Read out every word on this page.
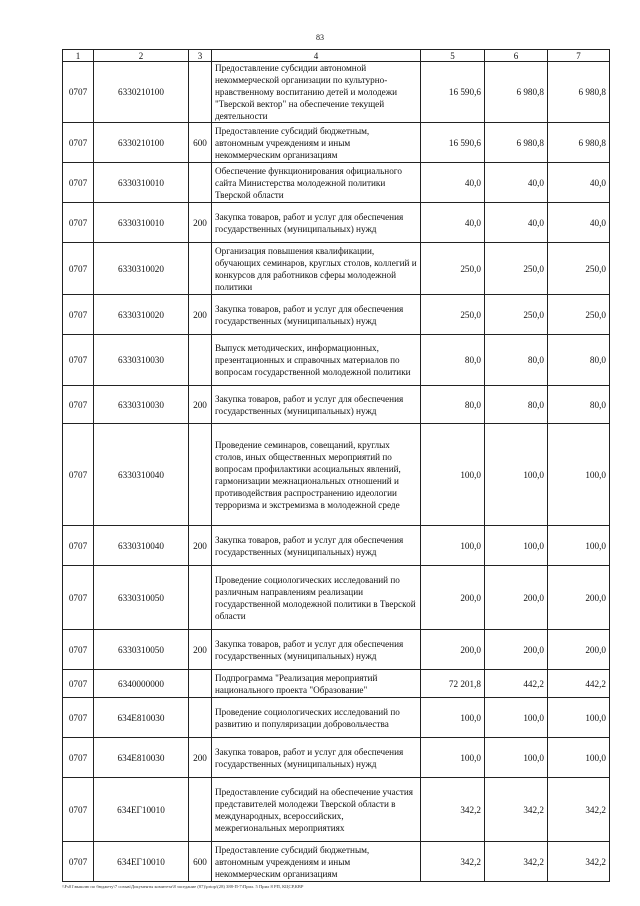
83
1	2	3	4	5	6	7
0707	6330210100		Предоставление субсидии автономной некоммерческой организации по культурно-нравственному воспитанию детей и молодежи "Тверской вектор" на обеспечение текущей деятельности	16 590,6	6 980,8	6 980,8
0707	6330210100	600	Предоставление субсидий бюджетным, автономным учреждениям и иным некоммерческим организациям	16 590,6	6 980,8	6 980,8
0707	6330310010		Обеспечение функционирования официального сайта Министерства молодежной политики Тверской области	40,0	40,0	40,0
0707	6330310010	200	Закупка товаров, работ и услуг для обеспечения государственных (муниципальных) нужд	40,0	40,0	40,0
0707	6330310020		Организация повышения квалификации, обучающих семинаров, круглых столов, коллегий и конкурсов для работников сферы молодежной политики	250,0	250,0	250,0
0707	6330310020	200	Закупка товаров, работ и услуг для обеспечения государственных (муниципальных) нужд	250,0	250,0	250,0
0707	6330310030		Выпуск методических, информационных, презентационных и справочных материалов по вопросам государственной молодежной политики	80,0	80,0	80,0
0707	6330310030	200	Закупка товаров, работ и услуг для обеспечения государственных (муниципальных) нужд	80,0	80,0	80,0
0707	6330310040		Проведение семинаров, совещаний, круглых столов, иных общественных мероприятий по вопросам профилактики асоциальных явлений, гармонизации межнациональных отношений и противодействия распространению идеологии терроризма и экстремизма в молодежной среде	100,0	100,0	100,0
0707	6330310040	200	Закупка товаров, работ и услуг для обеспечения государственных (муниципальных) нужд	100,0	100,0	100,0
0707	6330310050		Проведение социологических исследований по различным направлениям реализации государственной молодежной политики в Тверской области	200,0	200,0	200,0
0707	6330310050	200	Закупка товаров, работ и услуг для обеспечения государственных (муниципальных) нужд	200,0	200,0	200,0
0707	6340000000		Подпрограмма "Реализация мероприятий национального проекта "Образование"	72 201,8	442,2	442,2
0707	634E810030		Проведение социологических исследований по развитию и популяризации добровольчества	100,0	100,0	100,0
0707	634E810030	200	Закупка товаров, работ и услуг для обеспечения государственных (муниципальных) нужд	100,0	100,0	100,0
0707	634ЕГ10010		Предоставление субсидий на обеспечение участия представителей молодежи Тверской области в международных, всероссийских, межрегиональных мероприятиях	342,2	342,2	342,2
0707	634ЕГ10010	600	Предоставление субсидий бюджетным, автономным учреждениям и иным некоммерческим организациям	342,2	342,2	342,2
\\Fs01\вышлю по бюджету\7 созыв\Документы комитета\8 заседание (07)\prtop\(28) 388-П-7\Прил. 5 Прил 8 РП, КЦСР,КВР
